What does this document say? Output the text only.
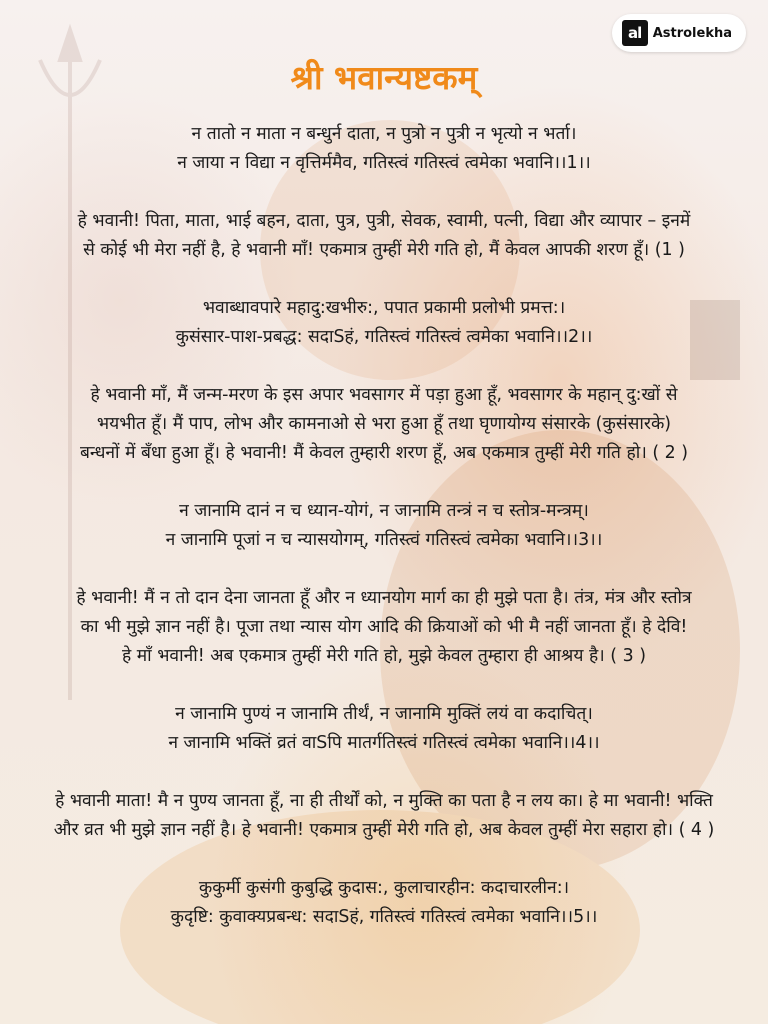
al Astrolekha
श्री भवान्यष्टकम्

न तातो न माता न बन्धुर्न दाता, न पुत्रो न पुत्री न भृत्यो न भर्ता।
न जाया न विद्या न वृत्तिर्ममैव, गतिस्त्वं गतिस्त्वं त्वमेका भवानि।।1।।

हे भवानी! पिता, माता, भाई बहन, दाता, पुत्र, पुत्री, सेवक, स्वामी, पत्नी, विद्या और व्यापार – इनमें
से कोई भी मेरा नहीं है, हे भवानी माँ! एकमात्र तुम्हीं मेरी गति हो, मैं केवल आपकी शरण हूँ। (1 )

भवाब्धावपारे महादु:खभीरु:, पपात प्रकामी प्रलोभी प्रमत्त:।
कुसंसार-पाश-प्रबद्ध: सदाSहं, गतिस्त्वं गतिस्त्वं त्वमेका भवानि।।2।।

हे भवानी माँ, मैं जन्म-मरण के इस अपार भवसागर में पड़ा हुआ हूँ, भवसागर के महान् दु:खों से
भयभीत हूँ। मैं पाप, लोभ और कामनाओ से भरा हुआ हूँ तथा घृणायोग्य संसारके (कुसंसारके)
बन्धनों में बँधा हुआ हूँ। हे भवानी! मैं केवल तुम्हारी शरण हूँ, अब एकमात्र तुम्हीं मेरी गति हो। ( 2 )

न जानामि दानं न च ध्यान-योगं, न जानामि तन्त्रं न च स्तोत्र-मन्त्रम्।
न जानामि पूजां न च न्यासयोगम्, गतिस्त्वं गतिस्त्वं त्वमेका भवानि।।3।।

हे भवानी! मैं न तो दान देना जानता हूँ और न ध्यानयोग मार्ग का ही मुझे पता है। तंत्र, मंत्र और स्तोत्र
का भी मुझे ज्ञान नहीं है। पूजा तथा न्यास योग आदि की क्रियाओं को भी मै नहीं जानता हूँ। हे देवि!
हे माँ भवानी! अब एकमात्र तुम्हीं मेरी गति हो, मुझे केवल तुम्हारा ही आश्रय है। ( 3 )

न जानामि पुण्यं न जानामि तीर्थं, न जानामि मुक्तिं लयं वा कदाचित्।
न जानामि भक्तिं व्रतं वाSपि मातर्गतिस्त्वं गतिस्त्वं त्वमेका भवानि।।4।।

हे भवानी माता! मै न पुण्य जानता हूँ, ना ही तीर्थों को, न मुक्ति का पता है न लय का। हे मा भवानी! भक्ति
और व्रत भी मुझे ज्ञान नहीं है। हे भवानी! एकमात्र तुम्हीं मेरी गति हो, अब केवल तुम्हीं मेरा सहारा हो। ( 4 )

कुकुर्मी कुसंगी कुबुद्धि कुदास:, कुलाचारहीन: कदाचारलीन:।
कुदृष्टि: कुवाक्यप्रबन्ध: सदाSहं, गतिस्त्वं गतिस्त्वं त्वमेका भवानि।।5।।
